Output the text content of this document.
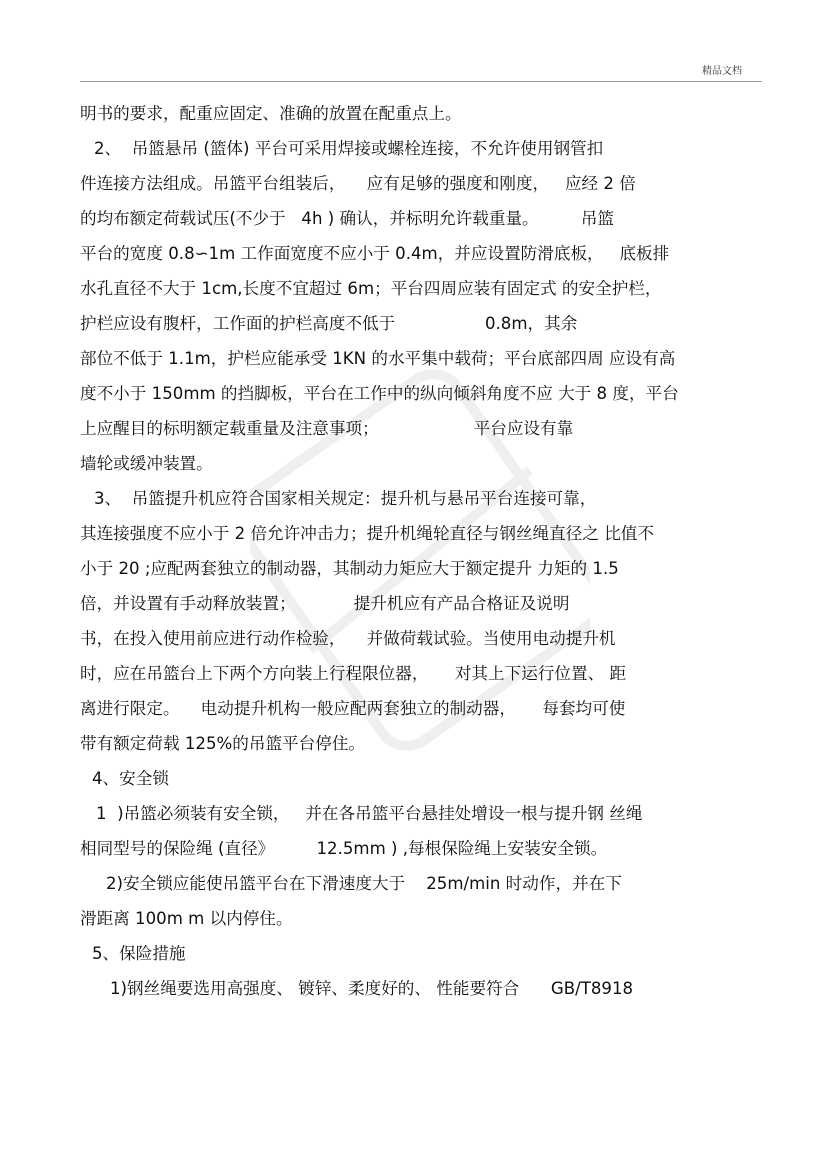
精品文档
明书的要求，配重应固定、准确的放置在配重点上。
2、  吊篮悬吊 (篮体) 平台可采用焊接或螺栓连接，不允许使用钢管扣
件连接方法组成。吊篮平台组装后，    应有足够的强度和刚度，   应经 2 倍
的均布额定荷载试压(不少于   4h ) 确认，并标明允许载重量。        吊篮
平台的宽度 0.8∽1m 工作面宽度不应小于 0.4m，并应设置防滑底板，   底板排
水孔直径不大于 1cm,长度不宜超过 6m；平台四周应装有固定式 的安全护栏，
护栏应设有腹杆，工作面的护栏高度不低于                 0.8m，其余
部位不低于 1.1m，护栏应能承受 1KN 的水平集中载荷；平台底部四周 应设有高
度不小于 150mm 的挡脚板，平台在工作中的纵向倾斜角度不应 大于 8 度，平台
上应醒目的标明额定载重量及注意事项；                  平台应设有靠
墙轮或缓冲装置。
3、  吊篮提升机应符合国家相关规定：提升机与悬吊平台连接可靠，
其连接强度不应小于 2 倍允许冲击力；提升机绳轮直径与钢丝绳直径之 比值不
小于 20 ;应配两套独立的制动器，其制动力矩应大于额定提升 力矩的 1.5
倍，并设置有手动释放装置；           提升机应有产品合格证及说明
书，在投入使用前应进行动作检验，    并做荷载试验。当使用电动提升机
时，应在吊篮台上下两个方向装上行程限位器，     对其上下运行位置、 距
离进行限定。    电动提升机构一般应配两套独立的制动器，     每套均可使
带有额定荷载 125%的吊篮平台停住。
4、安全锁
1  )吊篮必须装有安全锁，   并在各吊篮平台悬挂处增设一根与提升钢 丝绳
相同型号的保险绳 (直径》        12.5mm ) ,每根保险绳上安装安全锁。
2)安全锁应能使吊篮平台在下滑速度大于    25m/min 时动作，并在下
滑距离 100m m 以内停住。
5、保险措施
1)钢丝绳要选用高强度、 镀锌、柔度好的、 性能要符合      GB/T8918
